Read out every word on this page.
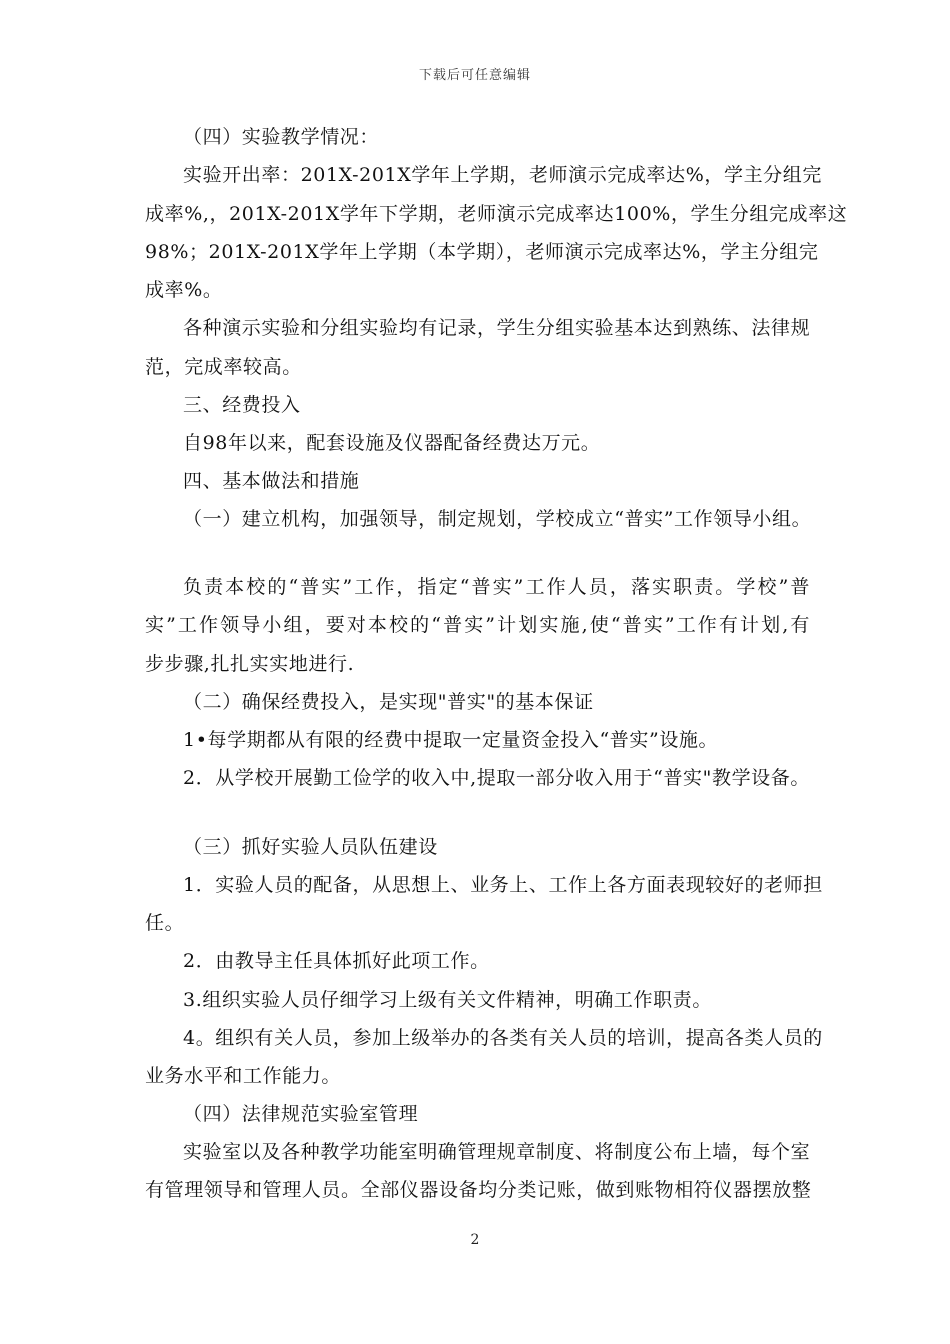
下载后可任意编辑
（四）实验教学情况：
实验开出率：201X-201X学年上学期，老师演示完成率达%，学主分组完
成率%,，201X-201X学年下学期，老师演示完成率达100%，学生分组完成率这
98%；201X-201X学年上学期（本学期），老师演示完成率达%，学主分组完
成率%。
各种演示实验和分组实验均有记录，学生分组实验基本达到熟练、法律规
范，完成率较高。
三、经费投入
自98年以来，配套设施及仪器配备经费达万元。
四、基本做法和措施
（一）建立机构，加强领导，制定规划，学校成立“普实”工作领导小组。
负责本校的“普实”工作，指定“普实”工作人员，落实职责。学校”普
实”工作领导小组，要对本校的“普实”计划实施,使“普实”工作有计划,有
步步骤,扎扎实实地进行.
（二）确保经费投入，是实现"普实"的基本保证
1•每学期都从有限的经费中提取一定量资金投入“普实”设施。
2．从学校开展勤工俭学的收入中,提取一部分收入用于“普实"教学设备。
（三）抓好实验人员队伍建设
1．实验人员的配备，从思想上、业务上、工作上各方面表现较好的老师担
任。
2．由教导主任具体抓好此项工作。
3.组织实验人员仔细学习上级有关文件精神，明确工作职责。
4。组织有关人员，参加上级举办的各类有关人员的培训，提高各类人员的
业务水平和工作能力。
（四）法律规范实验室管理
实验室以及各种教学功能室明确管理规章制度、将制度公布上墙，每个室
有管理领导和管理人员。全部仪器设备均分类记账，做到账物相符仪器摆放整
2
